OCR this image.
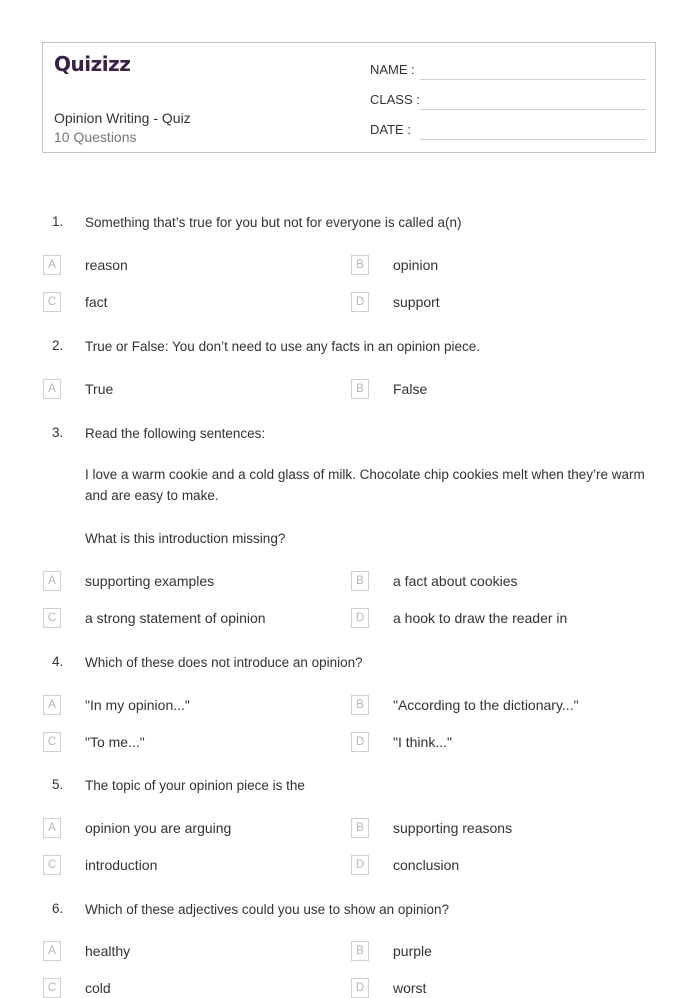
Quizizz
Opinion Writing - Quiz
10 Questions
NAME :
CLASS :
DATE :
1. Something that’s true for you but not for everyone is called a(n)
A	reason	B	opinion
C	fact	D	support
2. True or False: You don’t need to use any facts in an opinion piece.
A	True	B	False
3. Read the following sentences:
I love a warm cookie and a cold glass of milk. Chocolate chip cookies melt when they’re warm and are easy to make.
What is this introduction missing?
A	supporting examples	B	a fact about cookies
C	a strong statement of opinion	D	a hook to draw the reader in
4. Which of these does not introduce an opinion?
A	"In my opinion..."	B	"According to the dictionary..."
C	"To me..."	D	"I think..."
5. The topic of your opinion piece is the
A	opinion you are arguing	B	supporting reasons
C	introduction	D	conclusion
6. Which of these adjectives could you use to show an opinion?
A	healthy	B	purple
C	cold	D	worst
